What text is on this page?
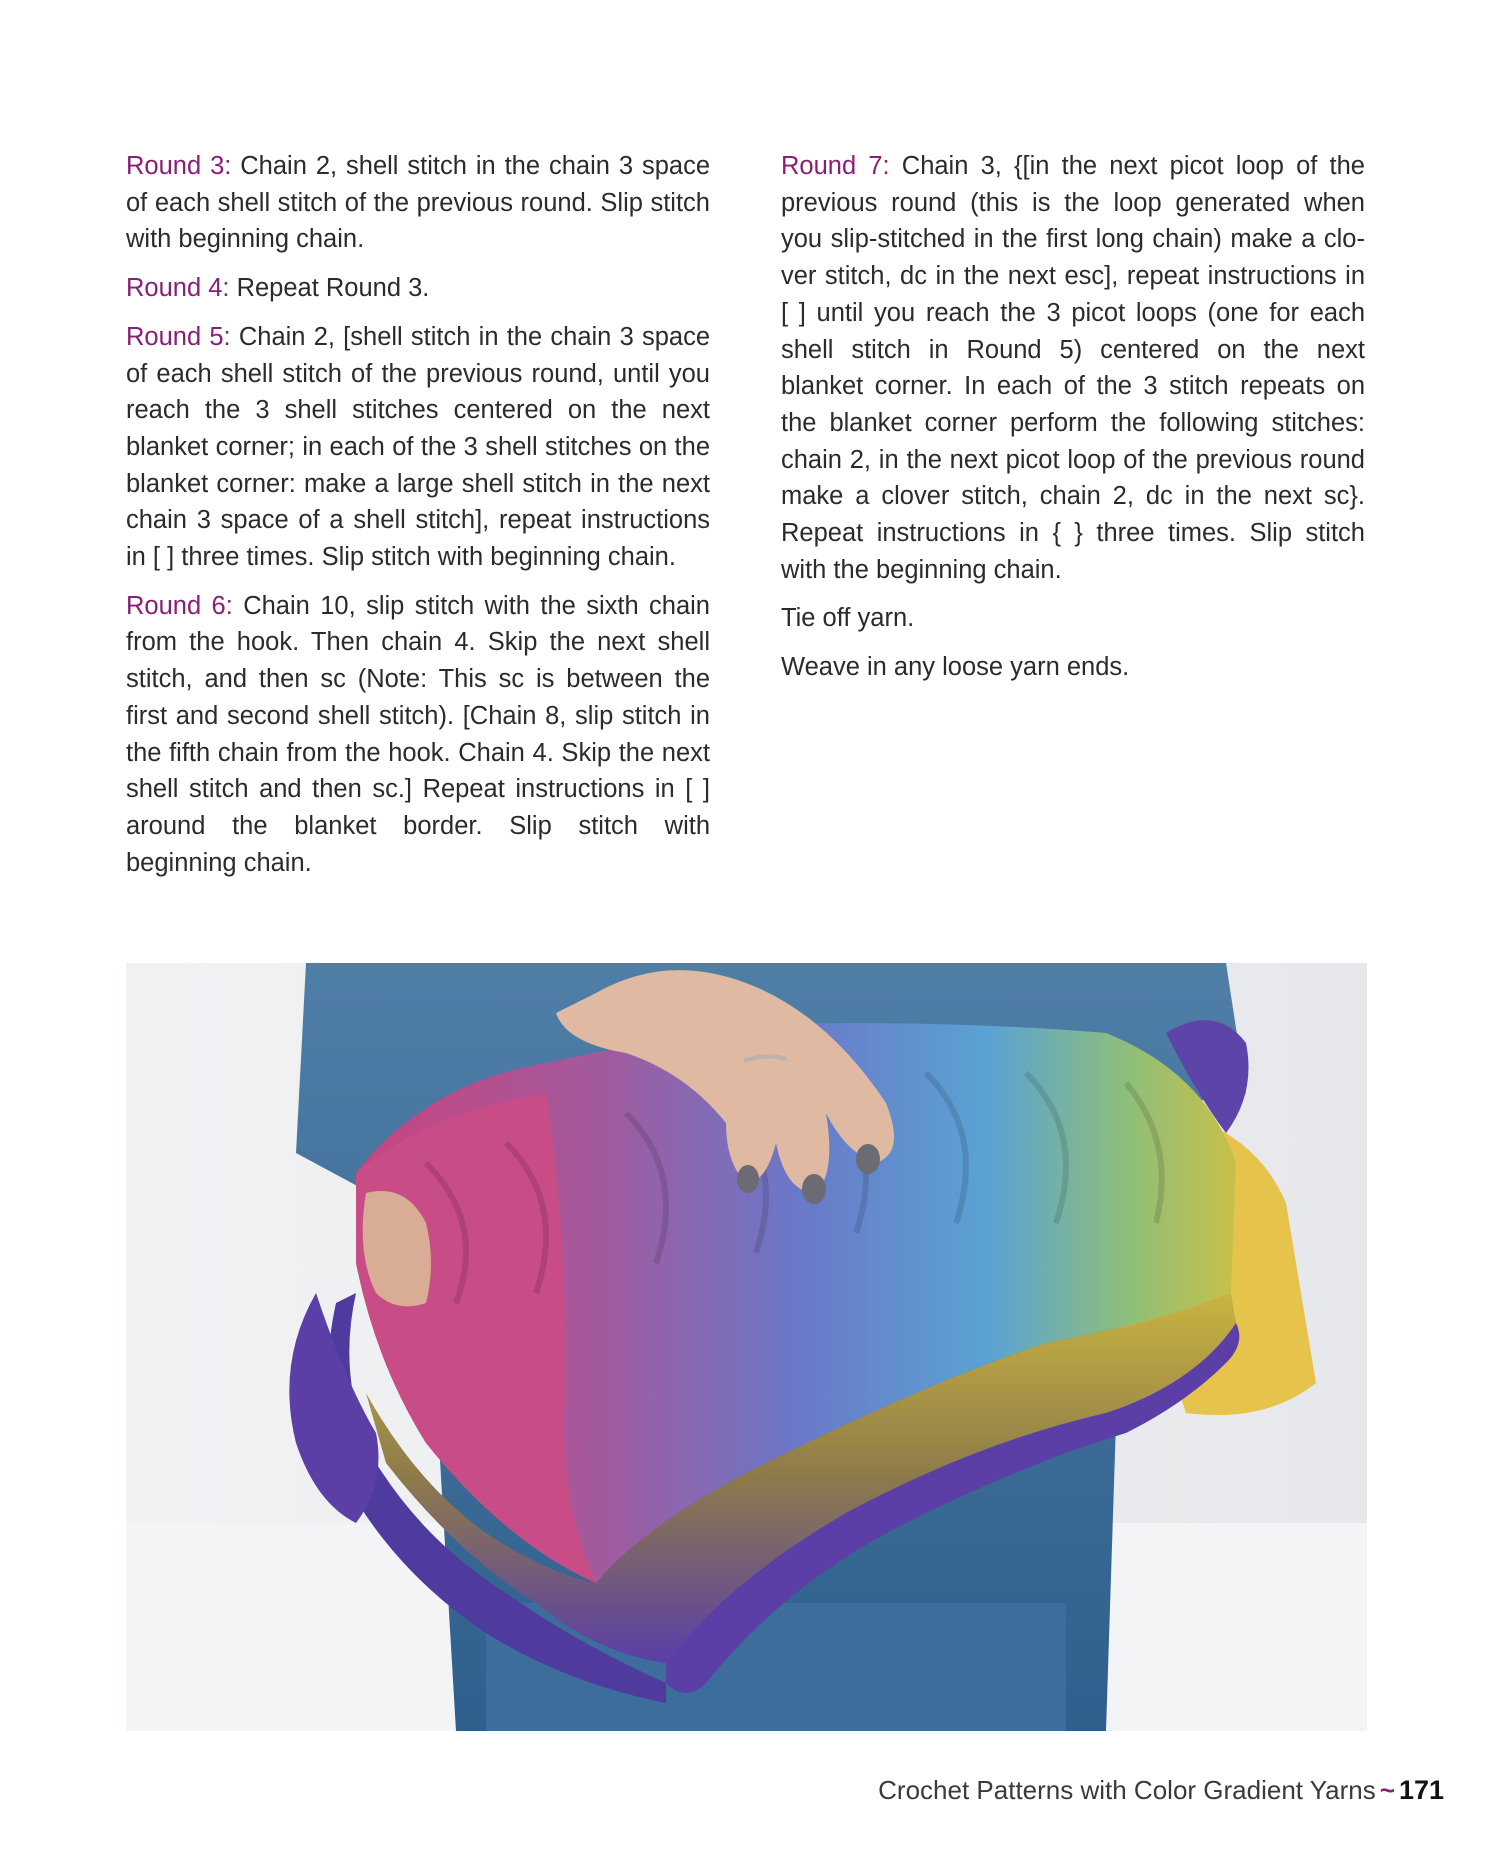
Round 3: Chain 2, shell stitch in the chain 3 space of each shell stitch of the previous round. Slip stitch with beginning chain.

Round 4: Repeat Round 3.

Round 5: Chain 2, [shell stitch in the chain 3 space of each shell stitch of the previous round, until you reach the 3 shell stitches centered on the next blanket corner; in each of the 3 shell stitches on the blanket corner: make a large shell stitch in the next chain 3 space of a shell stitch], repeat instructions in [ ] three times. Slip stitch with beginning chain.

Round 6: Chain 10, slip stitch with the sixth chain from the hook. Then chain 4. Skip the next shell stitch, and then sc (Note: This sc is between the first and second shell stitch). [Chain 8, slip stitch in the fifth chain from the hook. Chain 4. Skip the next shell stitch and then sc.] Repeat instructions in [ ] around the blanket border. Slip stitch with beginning chain.

Round 7: Chain 3, {[in the next picot loop of the previous round (this is the loop generated when you slip-stitched in the first long chain) make a clover stitch, dc in the next esc], repeat instructions in [ ] until you reach the 3 picot loops (one for each shell stitch in Round 5) centered on the next blanket corner. In each of the 3 stitch repeats on the blanket corner perform the following stitches: chain 2, in the next picot loop of the previous round make a clover stitch, chain 2, dc in the next sc}. Repeat instructions in { } three times. Slip stitch with the beginning chain.

Tie off yarn.

Weave in any loose yarn ends.

Crochet Patterns with Color Gradient Yarns ~ 171
